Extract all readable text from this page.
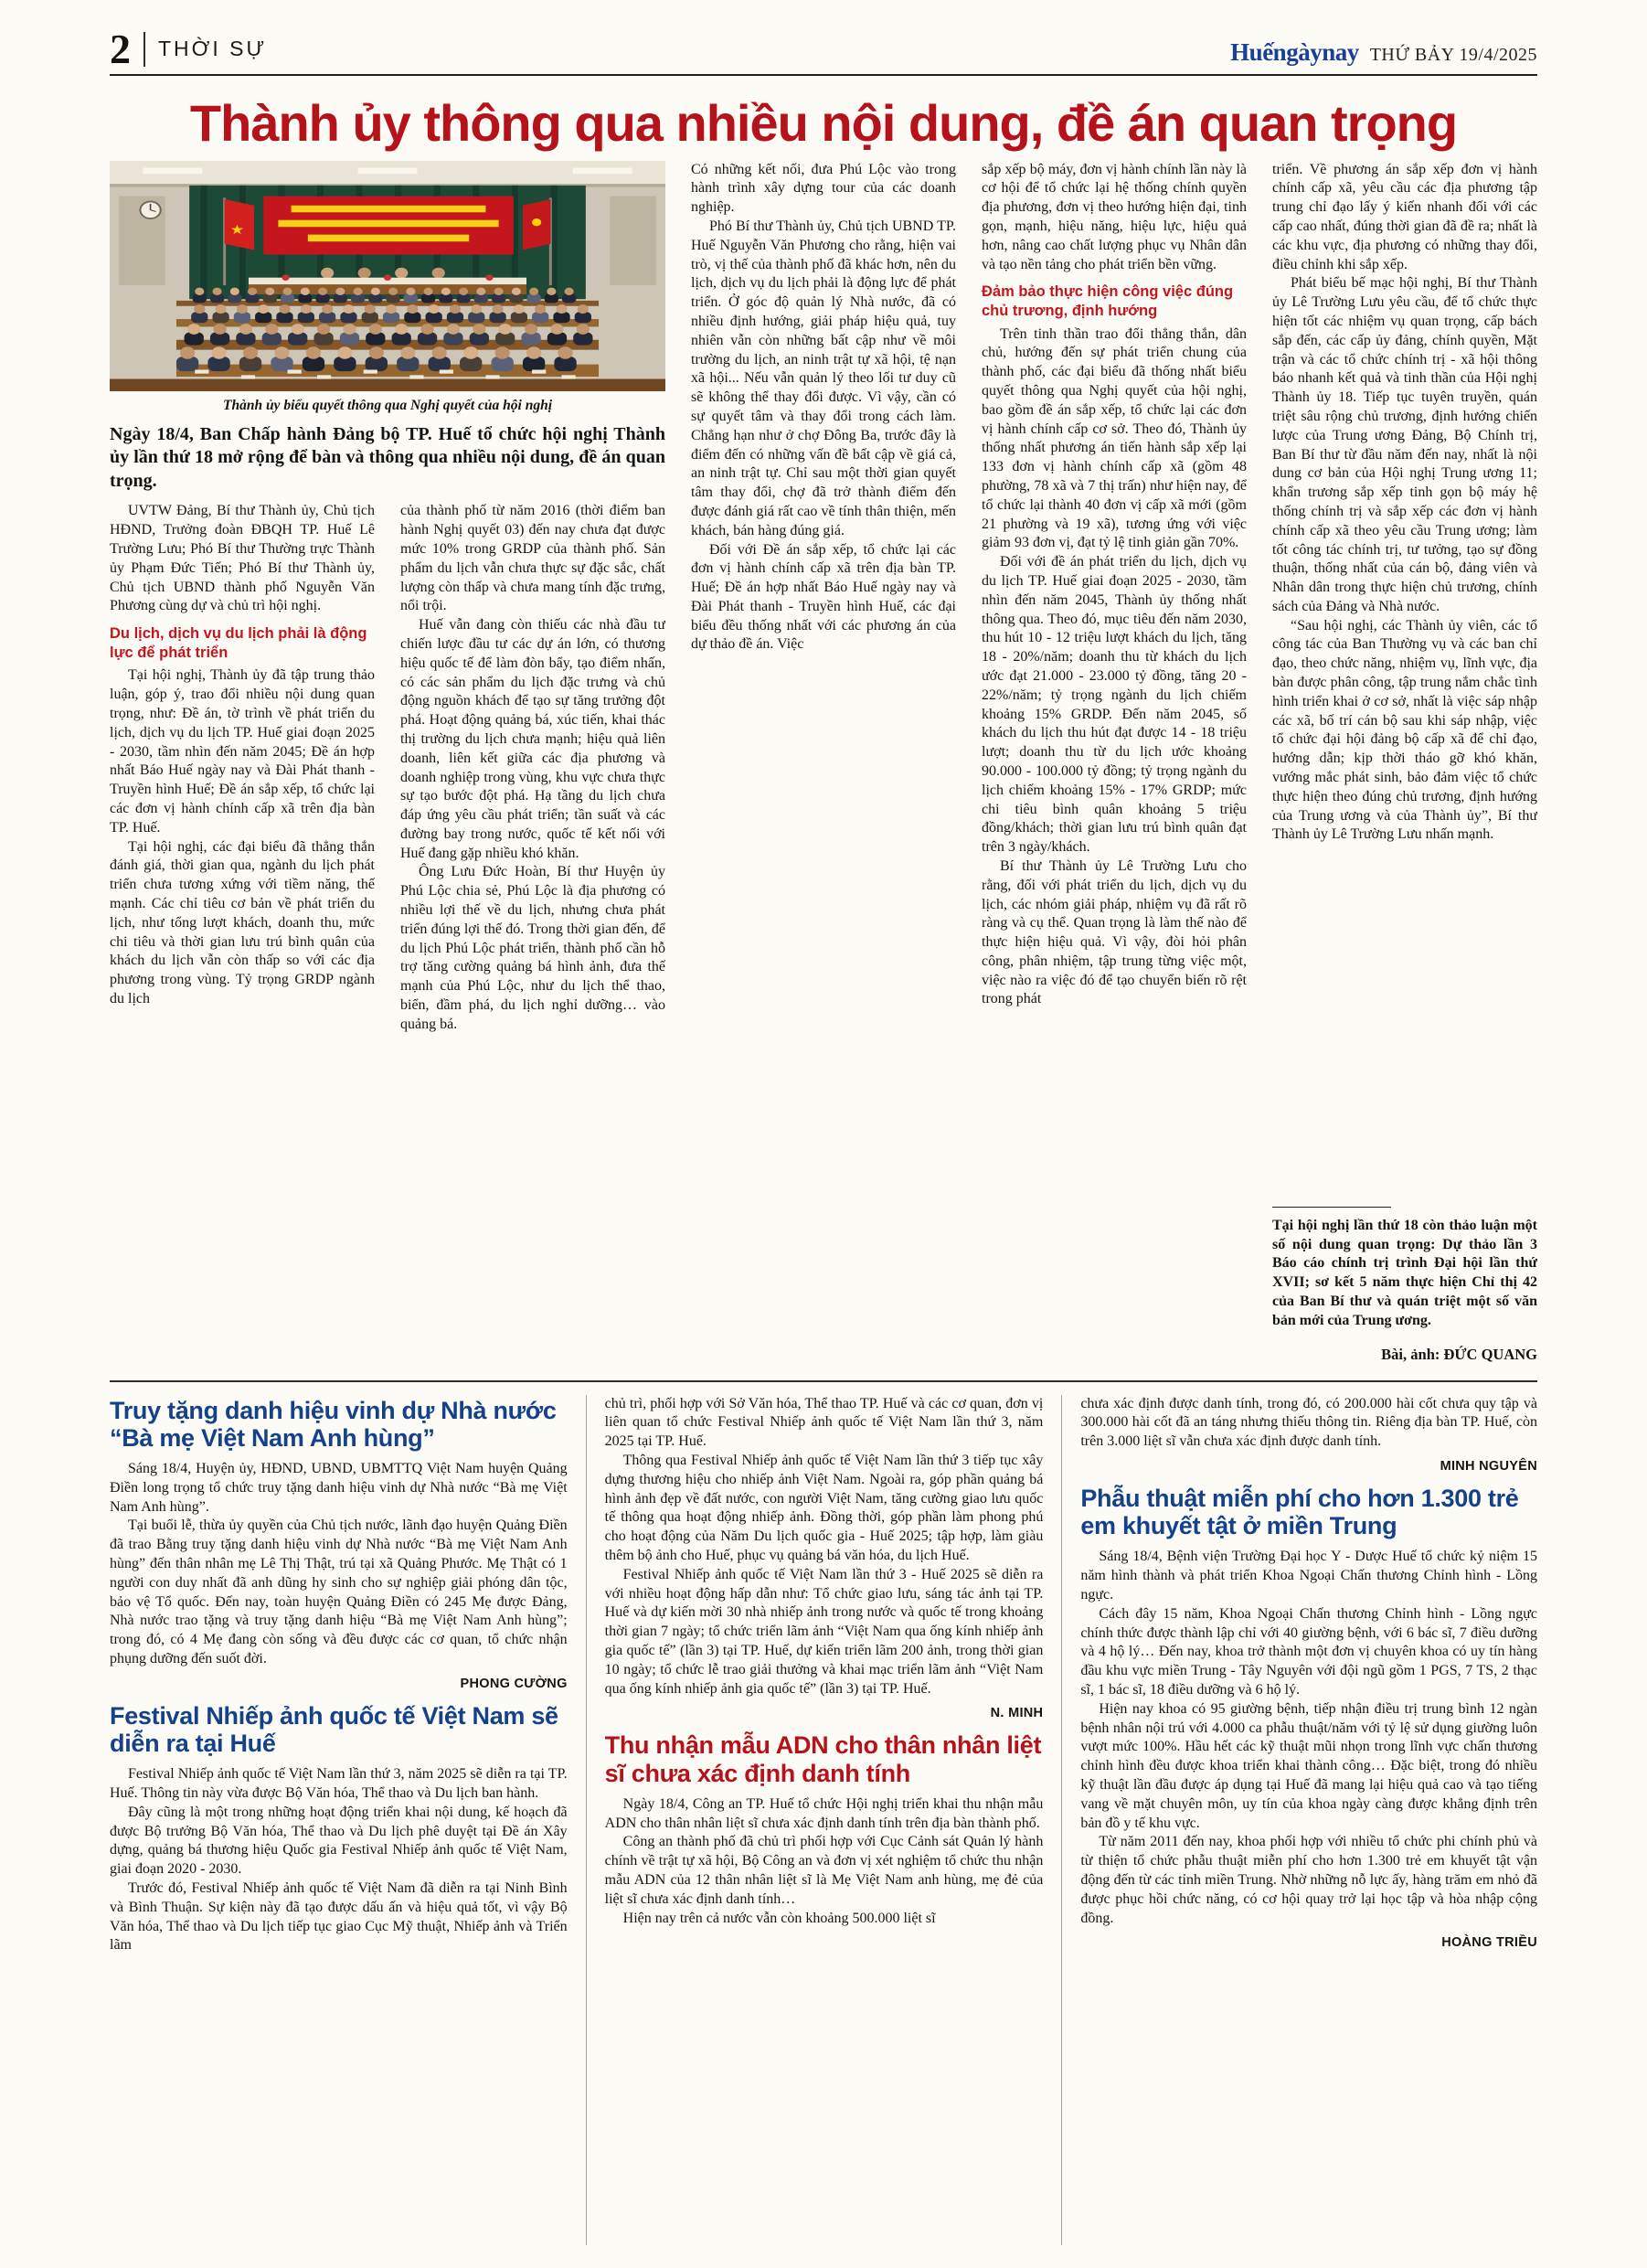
2 THỜI SỰ	Huếngàynay THỨ BẢY 19/4/2025
Thành ủy thông qua nhiều nội dung, đề án quan trọng
★
Thành ủy biểu quyết thông qua Nghị quyết của hội nghị

Ngày 18/4, Ban Chấp hành Đảng bộ TP. Huế tổ chức hội nghị Thành ủy lần thứ 18 mở rộng để bàn và thông qua nhiều nội dung, đề án quan trọng.

UVTW Đảng, Bí thư Thành ủy, Chủ tịch HĐND, Trưởng đoàn ĐBQH TP. Huế Lê Trường Lưu; Phó Bí thư Thường trực Thành ủy Phạm Đức Tiến; Phó Bí thư Thành ủy, Chủ tịch UBND thành phố Nguyễn Văn Phương cùng dự và chủ trì hội nghị.

Du lịch, dịch vụ du lịch phải là động lực để phát triển

Tại hội nghị, Thành ủy đã tập trung thảo luận, góp ý, trao đổi nhiều nội dung quan trọng, như: Đề án, tờ trình về phát triển du lịch, dịch vụ du lịch TP. Huế giai đoạn 2025 - 2030, tầm nhìn đến năm 2045; Đề án hợp nhất Báo Huế ngày nay và Đài Phát thanh - Truyền hình Huế; Đề án sắp xếp, tổ chức lại các đơn vị hành chính cấp xã trên địa bàn TP. Huế.

Tại hội nghị, các đại biểu đã thẳng thắn đánh giá, thời gian qua, ngành du lịch phát triển chưa tương xứng với tiềm năng, thế mạnh. Các chỉ tiêu cơ bản về phát triển du lịch, như tổng lượt khách, doanh thu, mức chi tiêu và thời gian lưu trú bình quân của khách du lịch vẫn còn thấp so với các địa phương trong vùng. Tỷ trọng GRDP ngành du lịch

của thành phố từ năm 2016 (thời điểm ban hành Nghị quyết 03) đến nay chưa đạt được mức 10% trong GRDP của thành phố. Sản phẩm du lịch vẫn chưa thực sự đặc sắc, chất lượng còn thấp và chưa mang tính đặc trưng, nổi trội.

Huế vẫn đang còn thiếu các nhà đầu tư chiến lược đầu tư các dự án lớn, có thương hiệu quốc tế để làm đòn bẩy, tạo điểm nhấn, có các sản phẩm du lịch đặc trưng và chủ động nguồn khách để tạo sự tăng trưởng đột phá. Hoạt động quảng bá, xúc tiến, khai thác thị trường du lịch chưa mạnh; hiệu quả liên doanh, liên kết giữa các địa phương và doanh nghiệp trong vùng, khu vực chưa thực sự tạo bước đột phá. Hạ tầng du lịch chưa đáp ứng yêu cầu phát triển; tần suất và các đường bay trong nước, quốc tế kết nối với Huế đang gặp nhiều khó khăn.

Ông Lưu Đức Hoàn, Bí thư Huyện ủy Phú Lộc chia sẻ, Phú Lộc là địa phương có nhiều lợi thế về du lịch, nhưng chưa phát triển đúng lợi thế đó. Trong thời gian đến, để du lịch Phú Lộc phát triển, thành phố cần hỗ trợ tăng cường quảng bá hình ảnh, đưa thế mạnh của Phú Lộc, như du lịch thể thao, biển, đầm phá, du lịch nghỉ dưỡng… vào quảng bá.

Có những kết nối, đưa Phú Lộc vào trong hành trình xây dựng tour của các doanh nghiệp.

Phó Bí thư Thành ủy, Chủ tịch UBND TP. Huế Nguyễn Văn Phương cho rằng, hiện vai trò, vị thế của thành phố đã khác hơn, nên du lịch, dịch vụ du lịch phải là động lực để phát triển. Ở góc độ quản lý Nhà nước, đã có nhiều định hướng, giải pháp hiệu quả, tuy nhiên vẫn còn những bất cập như về môi trường du lịch, an ninh trật tự xã hội, tệ nạn xã hội... Nếu vẫn quản lý theo lối tư duy cũ sẽ không thể thay đổi được. Vì vậy, cần có sự quyết tâm và thay đổi trong cách làm. Chẳng hạn như ở chợ Đông Ba, trước đây là điểm đến có những vấn đề bất cập về giá cả, an ninh trật tự. Chỉ sau một thời gian quyết tâm thay đổi, chợ đã trở thành điểm đến được đánh giá rất cao về tính thân thiện, mến khách, bán hàng đúng giá.

Đối với Đề án sắp xếp, tổ chức lại các đơn vị hành chính cấp xã trên địa bàn TP. Huế; Đề án hợp nhất Báo Huế ngày nay và Đài Phát thanh - Truyền hình Huế, các đại biểu đều thống nhất với các phương án của dự thảo đề án. Việc

sắp xếp bộ máy, đơn vị hành chính lần này là cơ hội để tổ chức lại hệ thống chính quyền địa phương, đơn vị theo hướng hiện đại, tinh gọn, mạnh, hiệu năng, hiệu lực, hiệu quả hơn, nâng cao chất lượng phục vụ Nhân dân và tạo nền tảng cho phát triển bền vững.

Đảm bảo thực hiện công việc đúng chủ trương, định hướng

Trên tinh thần trao đổi thẳng thắn, dân chủ, hướng đến sự phát triển chung của thành phố, các đại biểu đã thống nhất biểu quyết thông qua Nghị quyết của hội nghị, bao gồm đề án sắp xếp, tổ chức lại các đơn vị hành chính cấp cơ sở. Theo đó, Thành ủy thống nhất phương án tiến hành sắp xếp lại 133 đơn vị hành chính cấp xã (gồm 48 phường, 78 xã và 7 thị trấn) như hiện nay, để tổ chức lại thành 40 đơn vị cấp xã mới (gồm 21 phường và 19 xã), tương ứng với việc giảm 93 đơn vị, đạt tỷ lệ tinh giản gần 70%.

Đối với đề án phát triển du lịch, dịch vụ du lịch TP. Huế giai đoạn 2025 - 2030, tầm nhìn đến năm 2045, Thành ủy thống nhất thông qua. Theo đó, mục tiêu đến năm 2030, thu hút 10 - 12 triệu lượt khách du lịch, tăng 18 - 20%/năm; doanh thu từ khách du lịch ước đạt 21.000 - 23.000 tỷ đồng, tăng 20 - 22%/năm; tỷ trọng ngành du lịch chiếm khoảng 15% GRDP. Đến năm 2045, số khách du lịch thu hút đạt được 14 - 18 triệu lượt; doanh thu từ du lịch ước khoảng 90.000 - 100.000 tỷ đồng; tỷ trọng ngành du lịch chiếm khoảng 15% - 17% GRDP; mức chi tiêu bình quân khoảng 5 triệu đồng/khách; thời gian lưu trú bình quân đạt trên 3 ngày/khách.

Bí thư Thành ủy Lê Trường Lưu cho rằng, đối với phát triển du lịch, dịch vụ du lịch, các nhóm giải pháp, nhiệm vụ đã rất rõ ràng và cụ thể. Quan trọng là làm thế nào để thực hiện hiệu quả. Vì vậy, đòi hỏi phân công, phân nhiệm, tập trung từng việc một, việc nào ra việc đó để tạo chuyển biến rõ rệt trong phát

triển. Về phương án sắp xếp đơn vị hành chính cấp xã, yêu cầu các địa phương tập trung chỉ đạo lấy ý kiến nhanh đối với các cấp cao nhất, đúng thời gian đã đề ra; nhất là các khu vực, địa phương có những thay đổi, điều chỉnh khi sắp xếp.

Phát biểu bế mạc hội nghị, Bí thư Thành ủy Lê Trường Lưu yêu cầu, để tổ chức thực hiện tốt các nhiệm vụ quan trọng, cấp bách sắp đến, các cấp ủy đảng, chính quyền, Mặt trận và các tổ chức chính trị - xã hội thông báo nhanh kết quả và tinh thần của Hội nghị Thành ủy 18. Tiếp tục tuyên truyền, quán triệt sâu rộng chủ trương, định hướng chiến lược của Trung ương Đảng, Bộ Chính trị, Ban Bí thư từ đầu năm đến nay, nhất là nội dung cơ bản của Hội nghị Trung ương 11; khẩn trương sắp xếp tinh gọn bộ máy hệ thống chính trị và sắp xếp các đơn vị hành chính cấp xã theo yêu cầu Trung ương; làm tốt công tác chính trị, tư tưởng, tạo sự đồng thuận, thống nhất của cán bộ, đảng viên và Nhân dân trong thực hiện chủ trương, chính sách của Đảng và Nhà nước.

“Sau hội nghị, các Thành ủy viên, các tổ công tác của Ban Thường vụ và các ban chỉ đạo, theo chức năng, nhiệm vụ, lĩnh vực, địa bàn được phân công, tập trung nắm chắc tình hình triển khai ở cơ sở, nhất là việc sáp nhập các xã, bố trí cán bộ sau khi sáp nhập, việc tổ chức đại hội đảng bộ cấp xã để chỉ đạo, hướng dẫn; kịp thời tháo gỡ khó khăn, vướng mắc phát sinh, bảo đảm việc tổ chức thực hiện theo đúng chủ trương, định hướng của Trung ương và của Thành ủy”, Bí thư Thành ủy Lê Trường Lưu nhấn mạnh.

Tại hội nghị lần thứ 18 còn thảo luận một số nội dung quan trọng: Dự thảo lần 3 Báo cáo chính trị trình Đại hội lần thứ XVII; sơ kết 5 năm thực hiện Chỉ thị 42 của Ban Bí thư và quán triệt một số văn bản mới của Trung ương.
Bài, ảnh: ĐỨC QUANG
Truy tặng danh hiệu vinh dự Nhà nước “Bà mẹ Việt Nam Anh hùng”

Sáng 18/4, Huyện ủy, HĐND, UBND, UBMTTQ Việt Nam huyện Quảng Điền long trọng tổ chức truy tặng danh hiệu vinh dự Nhà nước “Bà mẹ Việt Nam Anh hùng”.

Tại buổi lễ, thừa ủy quyền của Chủ tịch nước, lãnh đạo huyện Quảng Điền đã trao Bằng truy tặng danh hiệu vinh dự Nhà nước “Bà mẹ Việt Nam Anh hùng” đến thân nhân mẹ Lê Thị Thật, trú tại xã Quảng Phước. Mẹ Thật có 1 người con duy nhất đã anh dũng hy sinh cho sự nghiệp giải phóng dân tộc, bảo vệ Tổ quốc. Đến nay, toàn huyện Quảng Điền có 245 Mẹ được Đảng, Nhà nước trao tặng và truy tặng danh hiệu “Bà mẹ Việt Nam Anh hùng”; trong đó, có 4 Mẹ đang còn sống và đều được các cơ quan, tổ chức nhận phụng dưỡng đến suốt đời.

PHONG CƯỜNG
Festival Nhiếp ảnh quốc tế Việt Nam sẽ diễn ra tại Huế

Festival Nhiếp ảnh quốc tế Việt Nam lần thứ 3, năm 2025 sẽ diễn ra tại TP. Huế. Thông tin này vừa được Bộ Văn hóa, Thể thao và Du lịch ban hành.

Đây cũng là một trong những hoạt động triển khai nội dung, kế hoạch đã được Bộ trưởng Bộ Văn hóa, Thể thao và Du lịch phê duyệt tại Đề án Xây dựng, quảng bá thương hiệu Quốc gia Festival Nhiếp ảnh quốc tế Việt Nam, giai đoạn 2020 - 2030.

Trước đó, Festival Nhiếp ảnh quốc tế Việt Nam đã diễn ra tại Ninh Bình và Bình Thuận. Sự kiện này đã tạo được dấu ấn và hiệu quả tốt, vì vậy Bộ Văn hóa, Thể thao và Du lịch tiếp tục giao Cục Mỹ thuật, Nhiếp ảnh và Triển lãm

chủ trì, phối hợp với Sở Văn hóa, Thể thao TP. Huế và các cơ quan, đơn vị liên quan tổ chức Festival Nhiếp ảnh quốc tế Việt Nam lần thứ 3, năm 2025 tại TP. Huế.

Thông qua Festival Nhiếp ảnh quốc tế Việt Nam lần thứ 3 tiếp tục xây dựng thương hiệu cho nhiếp ảnh Việt Nam. Ngoài ra, góp phần quảng bá hình ảnh đẹp về đất nước, con người Việt Nam, tăng cường giao lưu quốc tế thông qua hoạt động nhiếp ảnh. Đồng thời, góp phần làm phong phú cho hoạt động của Năm Du lịch quốc gia - Huế 2025; tập hợp, làm giàu thêm bộ ảnh cho Huế, phục vụ quảng bá văn hóa, du lịch Huế.

Festival Nhiếp ảnh quốc tế Việt Nam lần thứ 3 - Huế 2025 sẽ diễn ra với nhiều hoạt động hấp dẫn như: Tổ chức giao lưu, sáng tác ảnh tại TP. Huế và dự kiến mời 30 nhà nhiếp ảnh trong nước và quốc tế trong khoảng thời gian 7 ngày; tổ chức triển lãm ảnh “Việt Nam qua ống kính nhiếp ảnh gia quốc tế” (lần 3) tại TP. Huế, dự kiến triển lãm 200 ảnh, trong thời gian 10 ngày; tổ chức lễ trao giải thưởng và khai mạc triển lãm ảnh “Việt Nam qua ống kính nhiếp ảnh gia quốc tế” (lần 3) tại TP. Huế.

N. MINH
Thu nhận mẫu ADN cho thân nhân liệt sĩ chưa xác định danh tính

Ngày 18/4, Công an TP. Huế tổ chức Hội nghị triển khai thu nhận mẫu ADN cho thân nhân liệt sĩ chưa xác định danh tính trên địa bàn thành phố.

Công an thành phố đã chủ trì phối hợp với Cục Cảnh sát Quản lý hành chính về trật tự xã hội, Bộ Công an và đơn vị xét nghiệm tổ chức thu nhận mẫu ADN của 12 thân nhân liệt sĩ là Mẹ Việt Nam anh hùng, mẹ đẻ của liệt sĩ chưa xác định danh tính…

Hiện nay trên cả nước vẫn còn khoảng 500.000 liệt sĩ

chưa xác định được danh tính, trong đó, có 200.000 hài cốt chưa quy tập và 300.000 hài cốt đã an táng nhưng thiếu thông tin. Riêng địa bàn TP. Huế, còn trên 3.000 liệt sĩ vẫn chưa xác định được danh tính.

MINH NGUYÊN
Phẫu thuật miễn phí cho hơn 1.300 trẻ em khuyết tật ở miền Trung

Sáng 18/4, Bệnh viện Trường Đại học Y - Dược Huế tổ chức kỷ niệm 15 năm hình thành và phát triển Khoa Ngoại Chấn thương Chỉnh hình - Lồng ngực.

Cách đây 15 năm, Khoa Ngoại Chấn thương Chỉnh hình - Lồng ngực chính thức được thành lập chỉ với 40 giường bệnh, với 6 bác sĩ, 7 điều dưỡng và 4 hộ lý… Đến nay, khoa trở thành một đơn vị chuyên khoa có uy tín hàng đầu khu vực miền Trung - Tây Nguyên với đội ngũ gồm 1 PGS, 7 TS, 2 thạc sĩ, 1 bác sĩ, 18 điều dưỡng và 6 hộ lý.

Hiện nay khoa có 95 giường bệnh, tiếp nhận điều trị trung bình 12 ngàn bệnh nhân nội trú với 4.000 ca phẫu thuật/năm với tỷ lệ sử dụng giường luôn vượt mức 100%. Hầu hết các kỹ thuật mũi nhọn trong lĩnh vực chấn thương chỉnh hình đều được khoa triển khai thành công… Đặc biệt, trong đó nhiều kỹ thuật lần đầu được áp dụng tại Huế đã mang lại hiệu quả cao và tạo tiếng vang về mặt chuyên môn, uy tín của khoa ngày càng được khẳng định trên bản đồ y tế khu vực.

Từ năm 2011 đến nay, khoa phối hợp với nhiều tổ chức phi chính phủ và từ thiện tổ chức phẫu thuật miễn phí cho hơn 1.300 trẻ em khuyết tật vận động đến từ các tỉnh miền Trung. Nhờ những nỗ lực ấy, hàng trăm em nhỏ đã được phục hồi chức năng, có cơ hội quay trở lại học tập và hòa nhập cộng đồng.

HOÀNG TRIỀU
